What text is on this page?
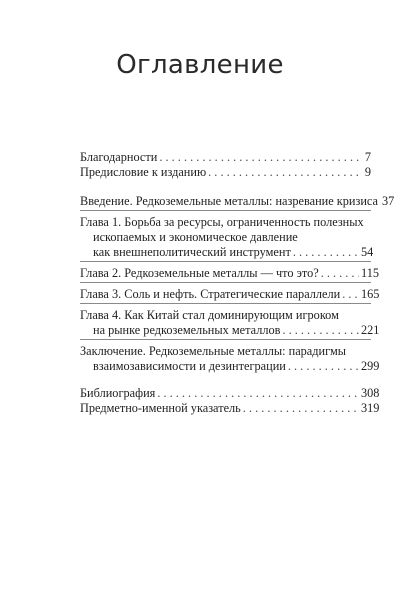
Оглавление
Благодарности . . .	7
Предисловие к изданию . . .	9
Введение. Редкоземельные металлы: назревание кризиса 37
Глава 1. Борьба за ресурсы, ограниченность полезных
ископаемых и экономическое давление
как внешнеполитический инструмент . . .	54
Глава 2. Редкоземельные металлы — что это? . . .	115
Глава 3. Соль и нефть. Стратегические параллели . . . 165
Глава 4. Как Китай стал доминирующим игроком
на рынке редкоземельных металлов . . .	221
Заключение. Редкоземельные металлы: парадигмы
взаимозависимости и дезинтеграции . . .	299
Библиография . . .	308
Предметно-именной указатель . . .	319
